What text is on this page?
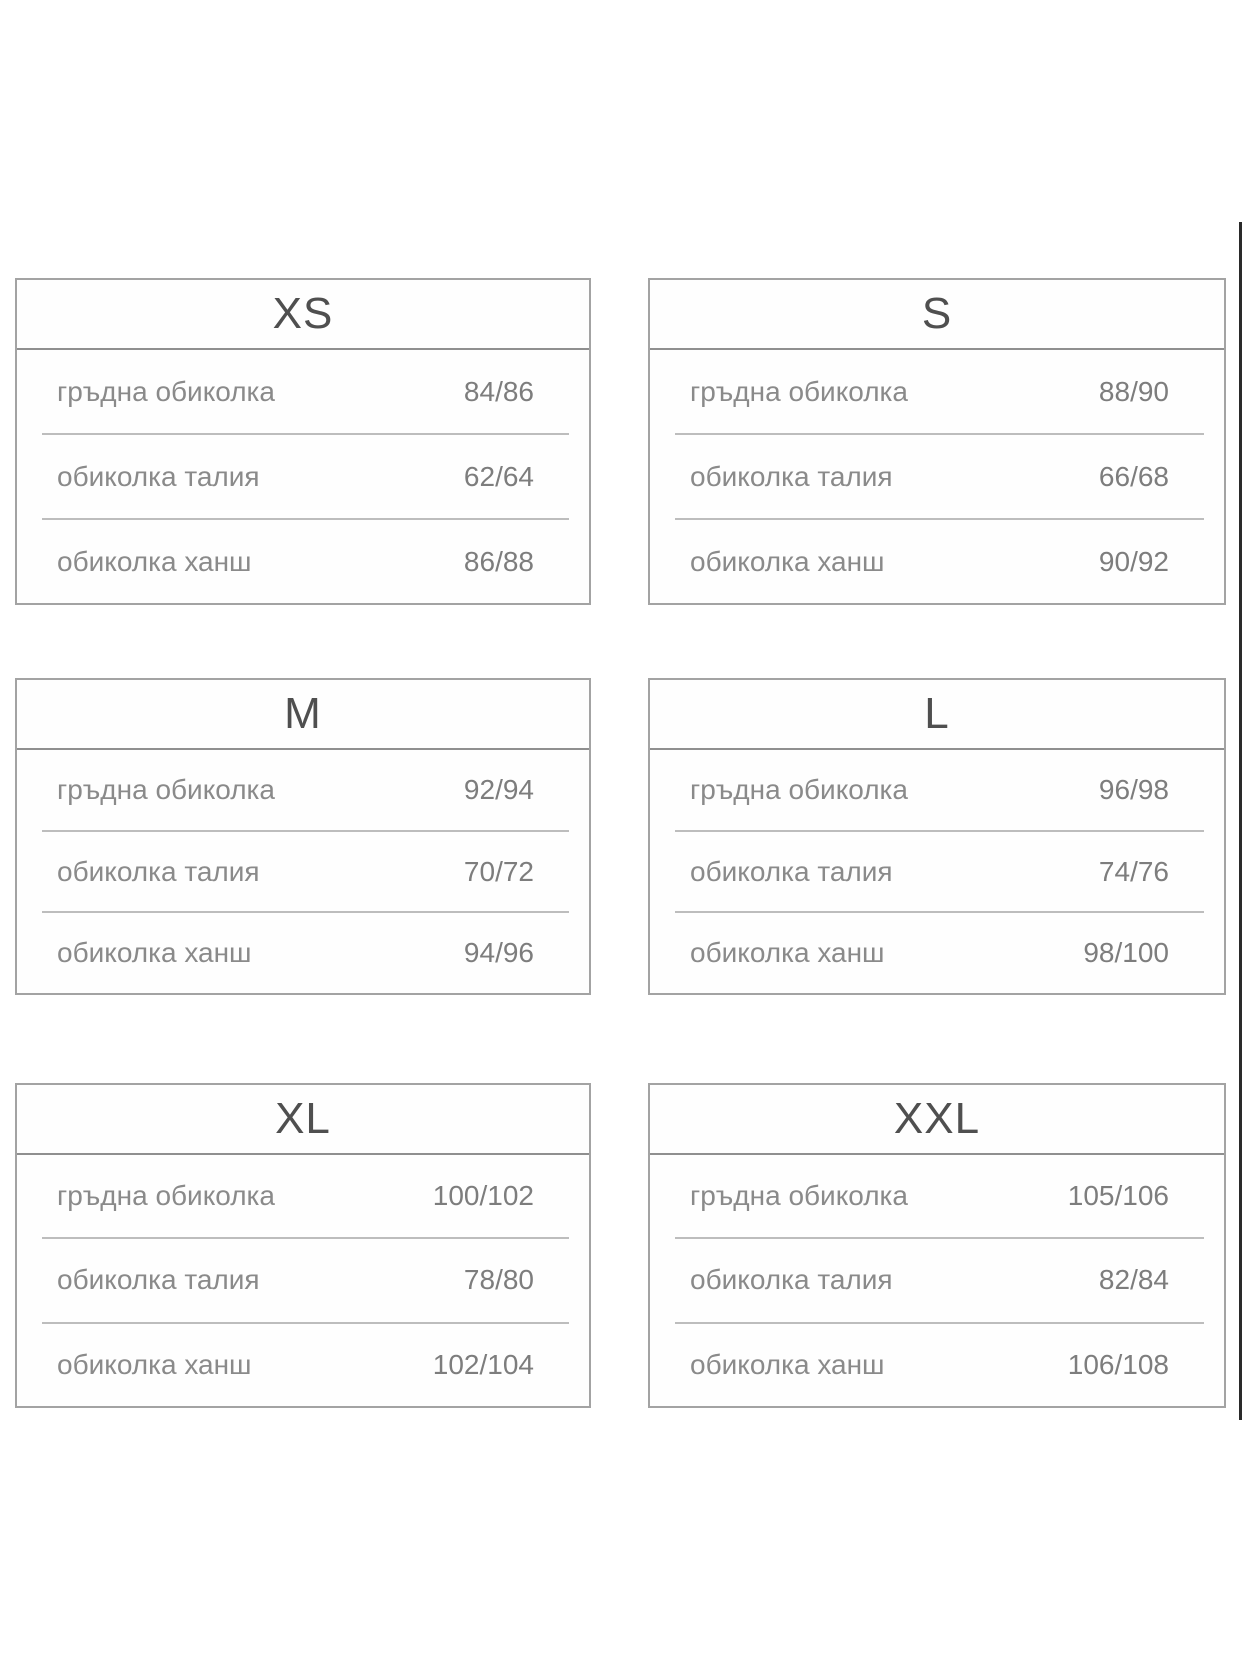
XS
гръдна обиколка	84/86
обиколка талия	62/64
обиколка ханш	86/88
S
гръдна обиколка	88/90
обиколка талия	66/68
обиколка ханш	90/92
M
гръдна обиколка	92/94
обиколка талия	70/72
обиколка ханш	94/96
L
гръдна обиколка	96/98
обиколка талия	74/76
обиколка ханш	98/100
XL
гръдна обиколка	100/102
обиколка талия	78/80
обиколка ханш	102/104
XXL
гръдна обиколка	105/106
обиколка талия	82/84
обиколка ханш	106/108
